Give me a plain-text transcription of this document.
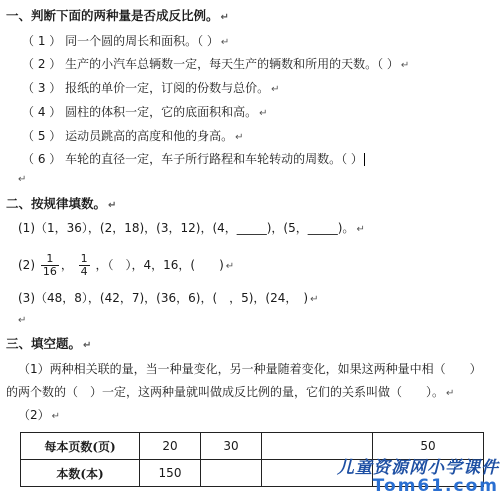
一、判断下面的两种量是否成反比例。 ↵
（ 1 ） 同一个圆的周长和面积。（ ） ↵
（ 2 ） 生产的小汽车总辆数一定，每天生产的辆数和所用的天数。（ ） ↵
（ 3 ） 报纸的单价一定，订阅的份数与总价。 ↵
（ 4 ） 圆柱的体积一定，它的底面积和高。 ↵
（ 5 ） 运动员跳高的高度和他的身高。 ↵
（ 6 ） 车轮的直径一定，车子所行路程和车轮转动的周数。（ ）
↵
二、按规律填数。 ↵
(1)（1，36），(2，18)，(3，12)，(4，_____)，(5，_____)。 ↵
$(2) \frac{1}{16}$ ， $\frac{1}{4}$ ，（　），4，16，(　　) ↵
(3)（48，8），(42，7)，(36，6)，(　，5)，(24，　) ↵
↵
三、填空题。 ↵
（1）两种相关联的量，当一种量变化，另一种量随着变化，如果这两种量中相（　　）
的两个数的（　）一定，这两种量就叫做成反比例的量，它们的关系叫做（　　）。 ↵
（2） ↵
每本页数(页)	20	30		50
本数(本)	150				儿童资源网小学课件
Tom61.com
